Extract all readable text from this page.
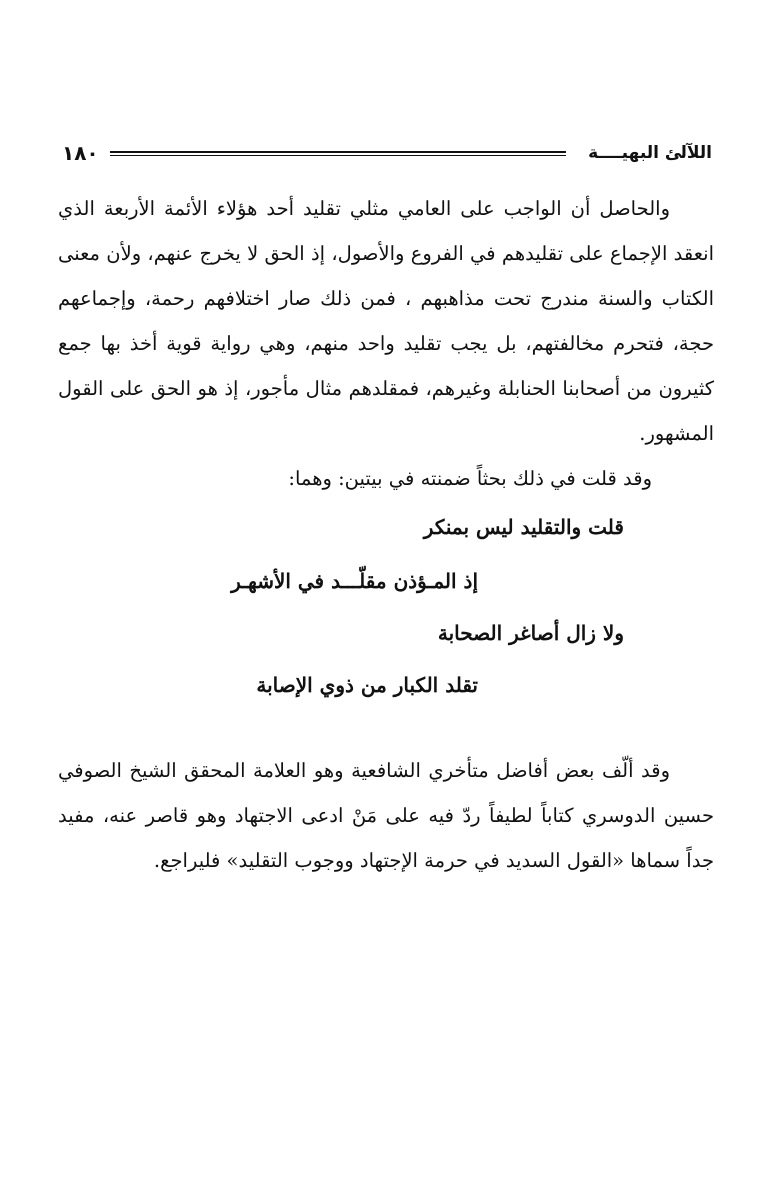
١٨٠	اللآلئ البهيــــة
والحاصل أن الواجب على العامي مثلي تقليد أحد هؤلاء الأئمة الأربعة الذي انعقد الإجماع على تقليدهم في الفروع والأصول، إذ الحق لا يخرج عنهم، ولأن معنى الكتاب والسنة مندرج تحت مذاهبهم ، فمن ذلك صار اختلافهم رحمة، وإجماعهم حجة، فتحرم مخالفتهم، بل يجب تقليد واحد منهم، وهي رواية قوية أخذ بها جمع كثيرون من أصحابنا الحنابلة وغيرهم، فمقلدهم مثال مأجور، إذ هو الحق على القول المشهور.
وقد قلت في ذلك بحثاً ضمنته في بيتين: وهما:
قلت والتقليد ليس بمنكر
إذ المـؤذن مقلّـــد في الأشهـر
ولا زال أصاغر الصحابة
تقلد الكبار من ذوي الإصابة
وقد ألّف بعض أفاضل متأخري الشافعية وهو العلامة المحقق الشيخ الصوفي حسين الدوسري كتاباً لطيفاً ردّ فيه على مَنْ ادعى الاجتهاد وهو قاصر عنه، مفيد جداً سماها «القول السديد في حرمة الإجتهاد ووجوب التقليد» فليراجع.
